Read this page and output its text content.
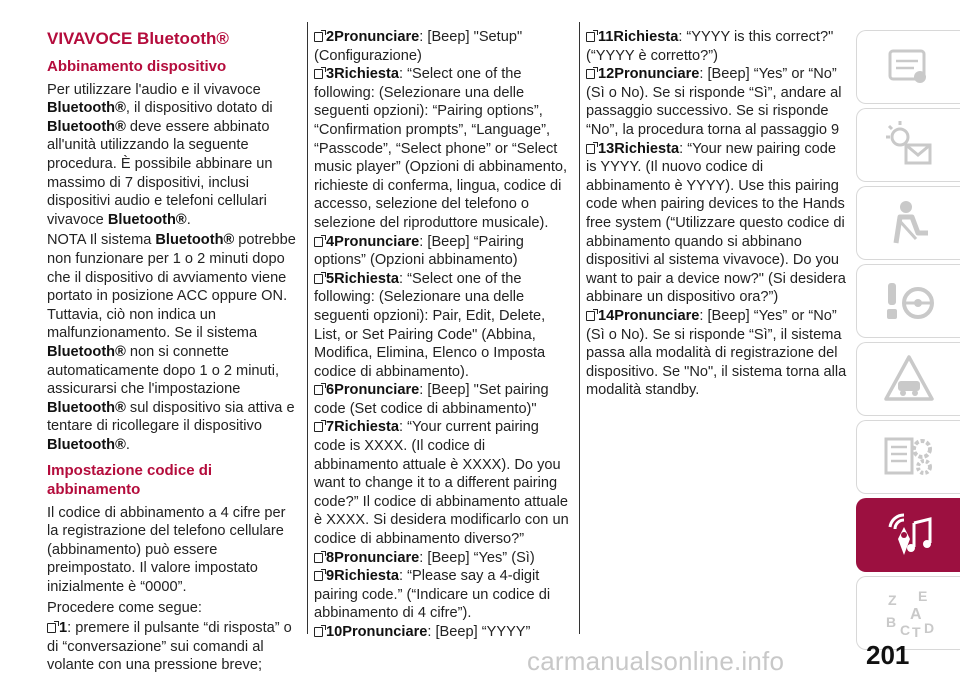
VIVAVOCE Bluetooth®
Abbinamento dispositivo

Per utilizzare l'audio e il vivavoce Bluetooth®, il dispositivo dotato di Bluetooth® deve essere abbinato all'unità utilizzando la seguente procedura. È possibile abbinare un massimo di 7 dispositivi, inclusi dispositivi audio e telefoni cellulari vivavoce Bluetooth®.

NOTA Il sistema Bluetooth® potrebbe non funzionare per 1 o 2 minuti dopo che il dispositivo di avviamento viene portato in posizione ACC oppure ON. Tuttavia, ciò non indica un malfunzionamento. Se il sistema Bluetooth® non si connette automaticamente dopo 1 o 2 minuti, assicurarsi che l'impostazione Bluetooth® sul dispositivo sia attiva e tentare di ricollegare il dispositivo Bluetooth®.

Impostazione codice di abbinamento

Il codice di abbinamento a 4 cifre per la registrazione del telefono cellulare (abbinamento) può essere preimpostato. Il valore impostato inizialmente è “0000”.

Procedere come segue:

1: premere il pulsante “di risposta” o di “conversazione” sui comandi al volante con una pressione breve;

2Pronunciare: [Beep] "Setup" (Configurazione)

3Richiesta: “Select one of the following: (Selezionare una delle seguenti opzioni): “Pairing options”, “Confirmation prompts”, “Language”, “Passcode”, “Select phone” or “Select music player” (Opzioni di abbinamento, richieste di conferma, lingua, codice di accesso, selezione del telefono o selezione del riproduttore musicale).

4Pronunciare: [Beep] “Pairing options” (Opzioni abbinamento)

5Richiesta: “Select one of the following: (Selezionare una delle seguenti opzioni): Pair, Edit, Delete, List, or Set Pairing Code" (Abbina, Modifica, Elimina, Elenco o Imposta codice di abbinamento).

6Pronunciare: [Beep] "Set pairing code (Set codice di abbinamento)"

7Richiesta: “Your current pairing code is XXXX. (Il codice di abbinamento attuale è XXXX). Do you want to change it to a different pairing code?” Il codice di abbinamento attuale è XXXX. Si desidera modificarlo con un codice di abbinamento diverso?”

8Pronunciare: [Beep] “Yes” (Sì)

9Richiesta: “Please say a 4-digit pairing code.” (“Indicare un codice di abbinamento di 4 cifre”).

10Pronunciare: [Beep] “YYYY”

11Richiesta: “YYYY is this correct?" (“YYYY è corretto?”)

12Pronunciare: [Beep] “Yes” or “No” (Sì o No). Se si risponde “Sì”, andare al passaggio successivo. Se si risponde “No”, la procedura torna al passaggio 9

13Richiesta: “Your new pairing code is YYYY. (Il nuovo codice di abbinamento è YYYY). Use this pairing code when pairing devices to the Hands free system (“Utilizzare questo codice di abbinamento quando si abbinano dispositivi al sistema vivavoce). Do you want to pair a device now?" (Si desidera abbinare un dispositivo ora?”)

14Pronunciare: [Beep] “Yes” or “No” (Sì o No). Se si risponde “Sì”, il sistema passa alla modalità di registrazione del dispositivo. Se "No", il sistema torna alla modalità standby.

Z E
A
B C T D
carmanualsonline.info	201
